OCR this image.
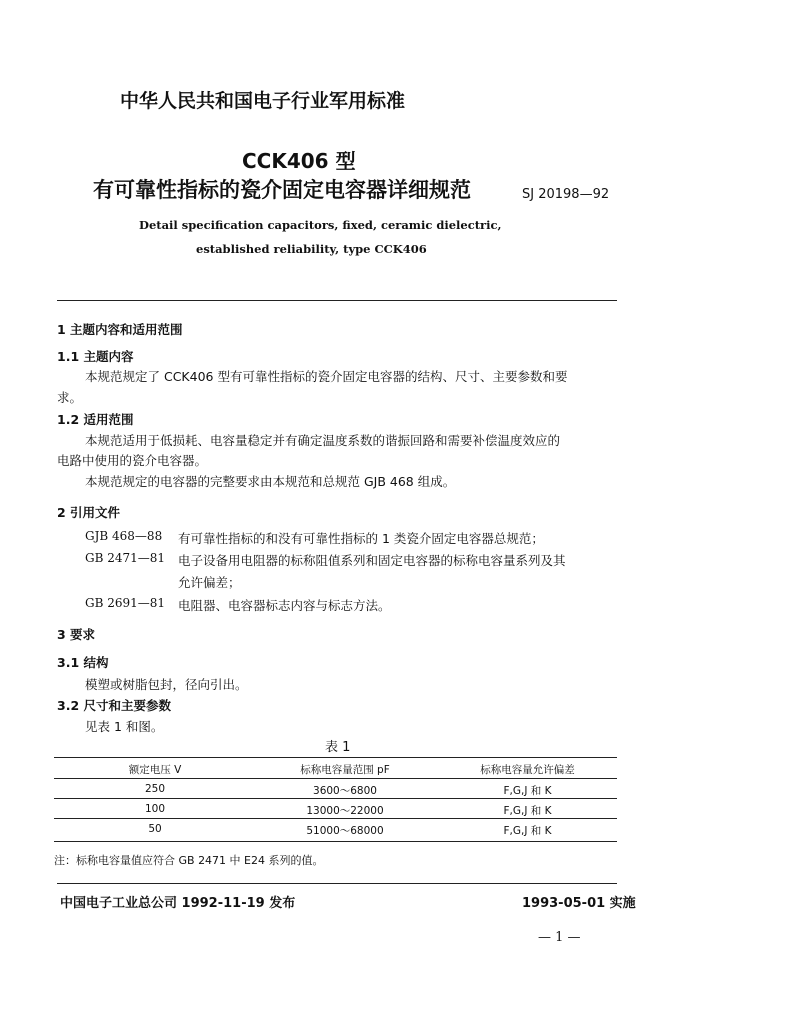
中华人民共和国电子行业军用标准
CCK406 型
有可靠性指标的瓷介固定电容器详细规范	SJ 20198—92
Detail specification capacitors, fixed, ceramic dielectric,
established reliability, type CCK406
1 主题内容和适用范围
1.1 主题内容
本规范规定了 CCK406 型有可靠性指标的瓷介固定电容器的结构、尺寸、主要参数和要
求。
1.2 适用范围
本规范适用于低损耗、电容量稳定并有确定温度系数的谐振回路和需要补偿温度效应的
电路中使用的瓷介电容器。
本规范规定的电容器的完整要求由本规范和总规范 GJB 468 组成。
2 引用文件
GJB 468—88 有可靠性指标的和没有可靠性指标的 1 类瓷介固定电容器总规范；
GB 2471—81 电子设备用电阻器的标称阻值系列和固定电容器的标称电容量系列及其
允许偏差；
GB 2691—81 电阻器、电容器标志内容与标志方法。
3 要求
3.1 结构
模塑或树脂包封，径向引出。
3.2 尺寸和主要参数
见表 1 和图。
表 1
额定电压 V	标称电容量范围 pF	标称电容量允许偏差
250	3600～6800	F,G,J 和 K
100	13000～22000	F,G,J 和 K
50	51000～68000	F,G,J 和 K
注：标称电容量值应符合 GB 2471 中 E24 系列的值。
中国电子工业总公司 1992-11-19 发布	1993-05-01 实施
— 1 —
